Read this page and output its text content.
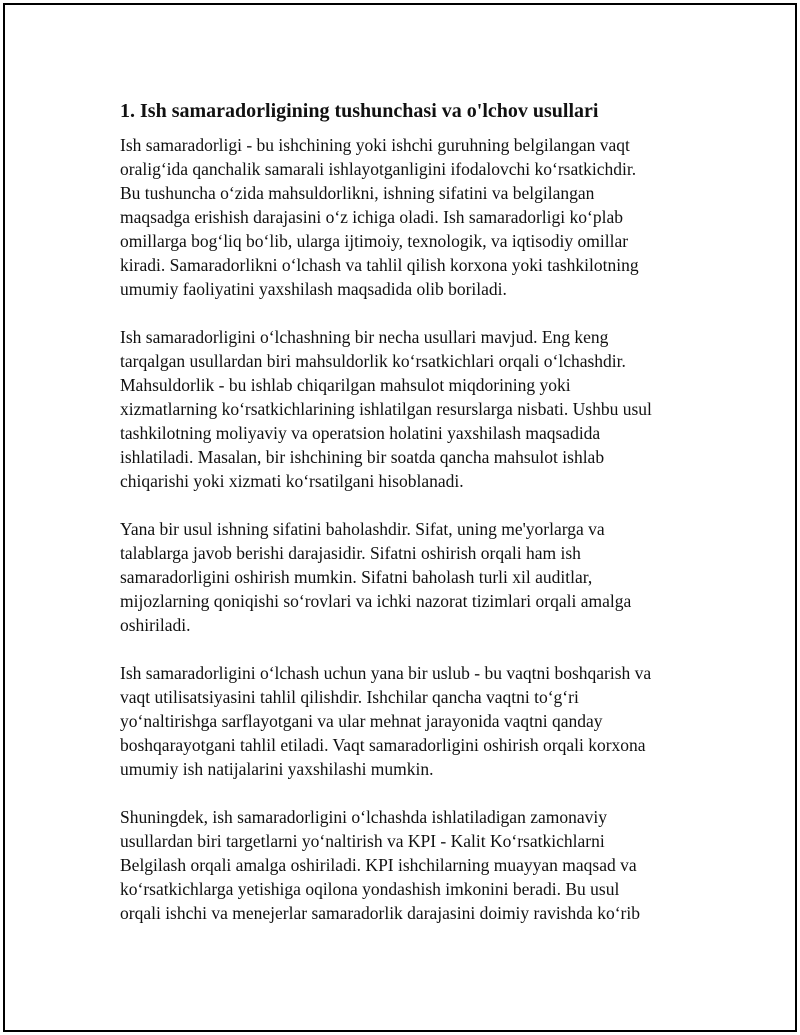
1. Ish samaradorligining tushunchasi va o'lchov usullari

Ish samaradorligi - bu ishchining yoki ishchi guruhning belgilangan vaqt
oralig‘ida qanchalik samarali ishlayotganligini ifodalovchi ko‘rsatkichdir.
Bu tushuncha o‘zida mahsuldorlikni, ishning sifatini va belgilangan
maqsadga erishish darajasini o‘z ichiga oladi. Ish samaradorligi ko‘plab
omillarga bog‘liq bo‘lib, ularga ijtimoiy, texnologik, va iqtisodiy omillar
kiradi. Samaradorlikni o‘lchash va tahlil qilish korxona yoki tashkilotning
umumiy faoliyatini yaxshilash maqsadida olib boriladi.

Ish samaradorligini o‘lchashning bir necha usullari mavjud. Eng keng
tarqalgan usullardan biri mahsuldorlik ko‘rsatkichlari orqali o‘lchashdir.
Mahsuldorlik - bu ishlab chiqarilgan mahsulot miqdorining yoki
xizmatlarning ko‘rsatkichlarining ishlatilgan resurslarga nisbati. Ushbu usul
tashkilotning moliyaviy va operatsion holatini yaxshilash maqsadida
ishlatiladi. Masalan, bir ishchining bir soatda qancha mahsulot ishlab
chiqarishi yoki xizmati ko‘rsatilgani hisoblanadi.

Yana bir usul ishning sifatini baholashdir. Sifat, uning me'yorlarga va
talablarga javob berishi darajasidir. Sifatni oshirish orqali ham ish
samaradorligini oshirish mumkin. Sifatni baholash turli xil auditlar,
mijozlarning qoniqishi so‘rovlari va ichki nazorat tizimlari orqali amalga
oshiriladi.

Ish samaradorligini o‘lchash uchun yana bir uslub - bu vaqtni boshqarish va
vaqt utilisatsiyasini tahlil qilishdir. Ishchilar qancha vaqtni to‘g‘ri
yo‘naltirishga sarflayotgani va ular mehnat jarayonida vaqtni qanday
boshqarayotgani tahlil etiladi. Vaqt samaradorligini oshirish orqali korxona
umumiy ish natijalarini yaxshilashi mumkin.

Shuningdek, ish samaradorligini o‘lchashda ishlatiladigan zamonaviy
usullardan biri targetlarni yo‘naltirish va KPI - Kalit Ko‘rsatkichlarni
Belgilash orqali amalga oshiriladi. KPI ishchilarning muayyan maqsad va
ko‘rsatkichlarga yetishiga oqilona yondashish imkonini beradi. Bu usul
orqali ishchi va menejerlar samaradorlik darajasini doimiy ravishda ko‘rib
